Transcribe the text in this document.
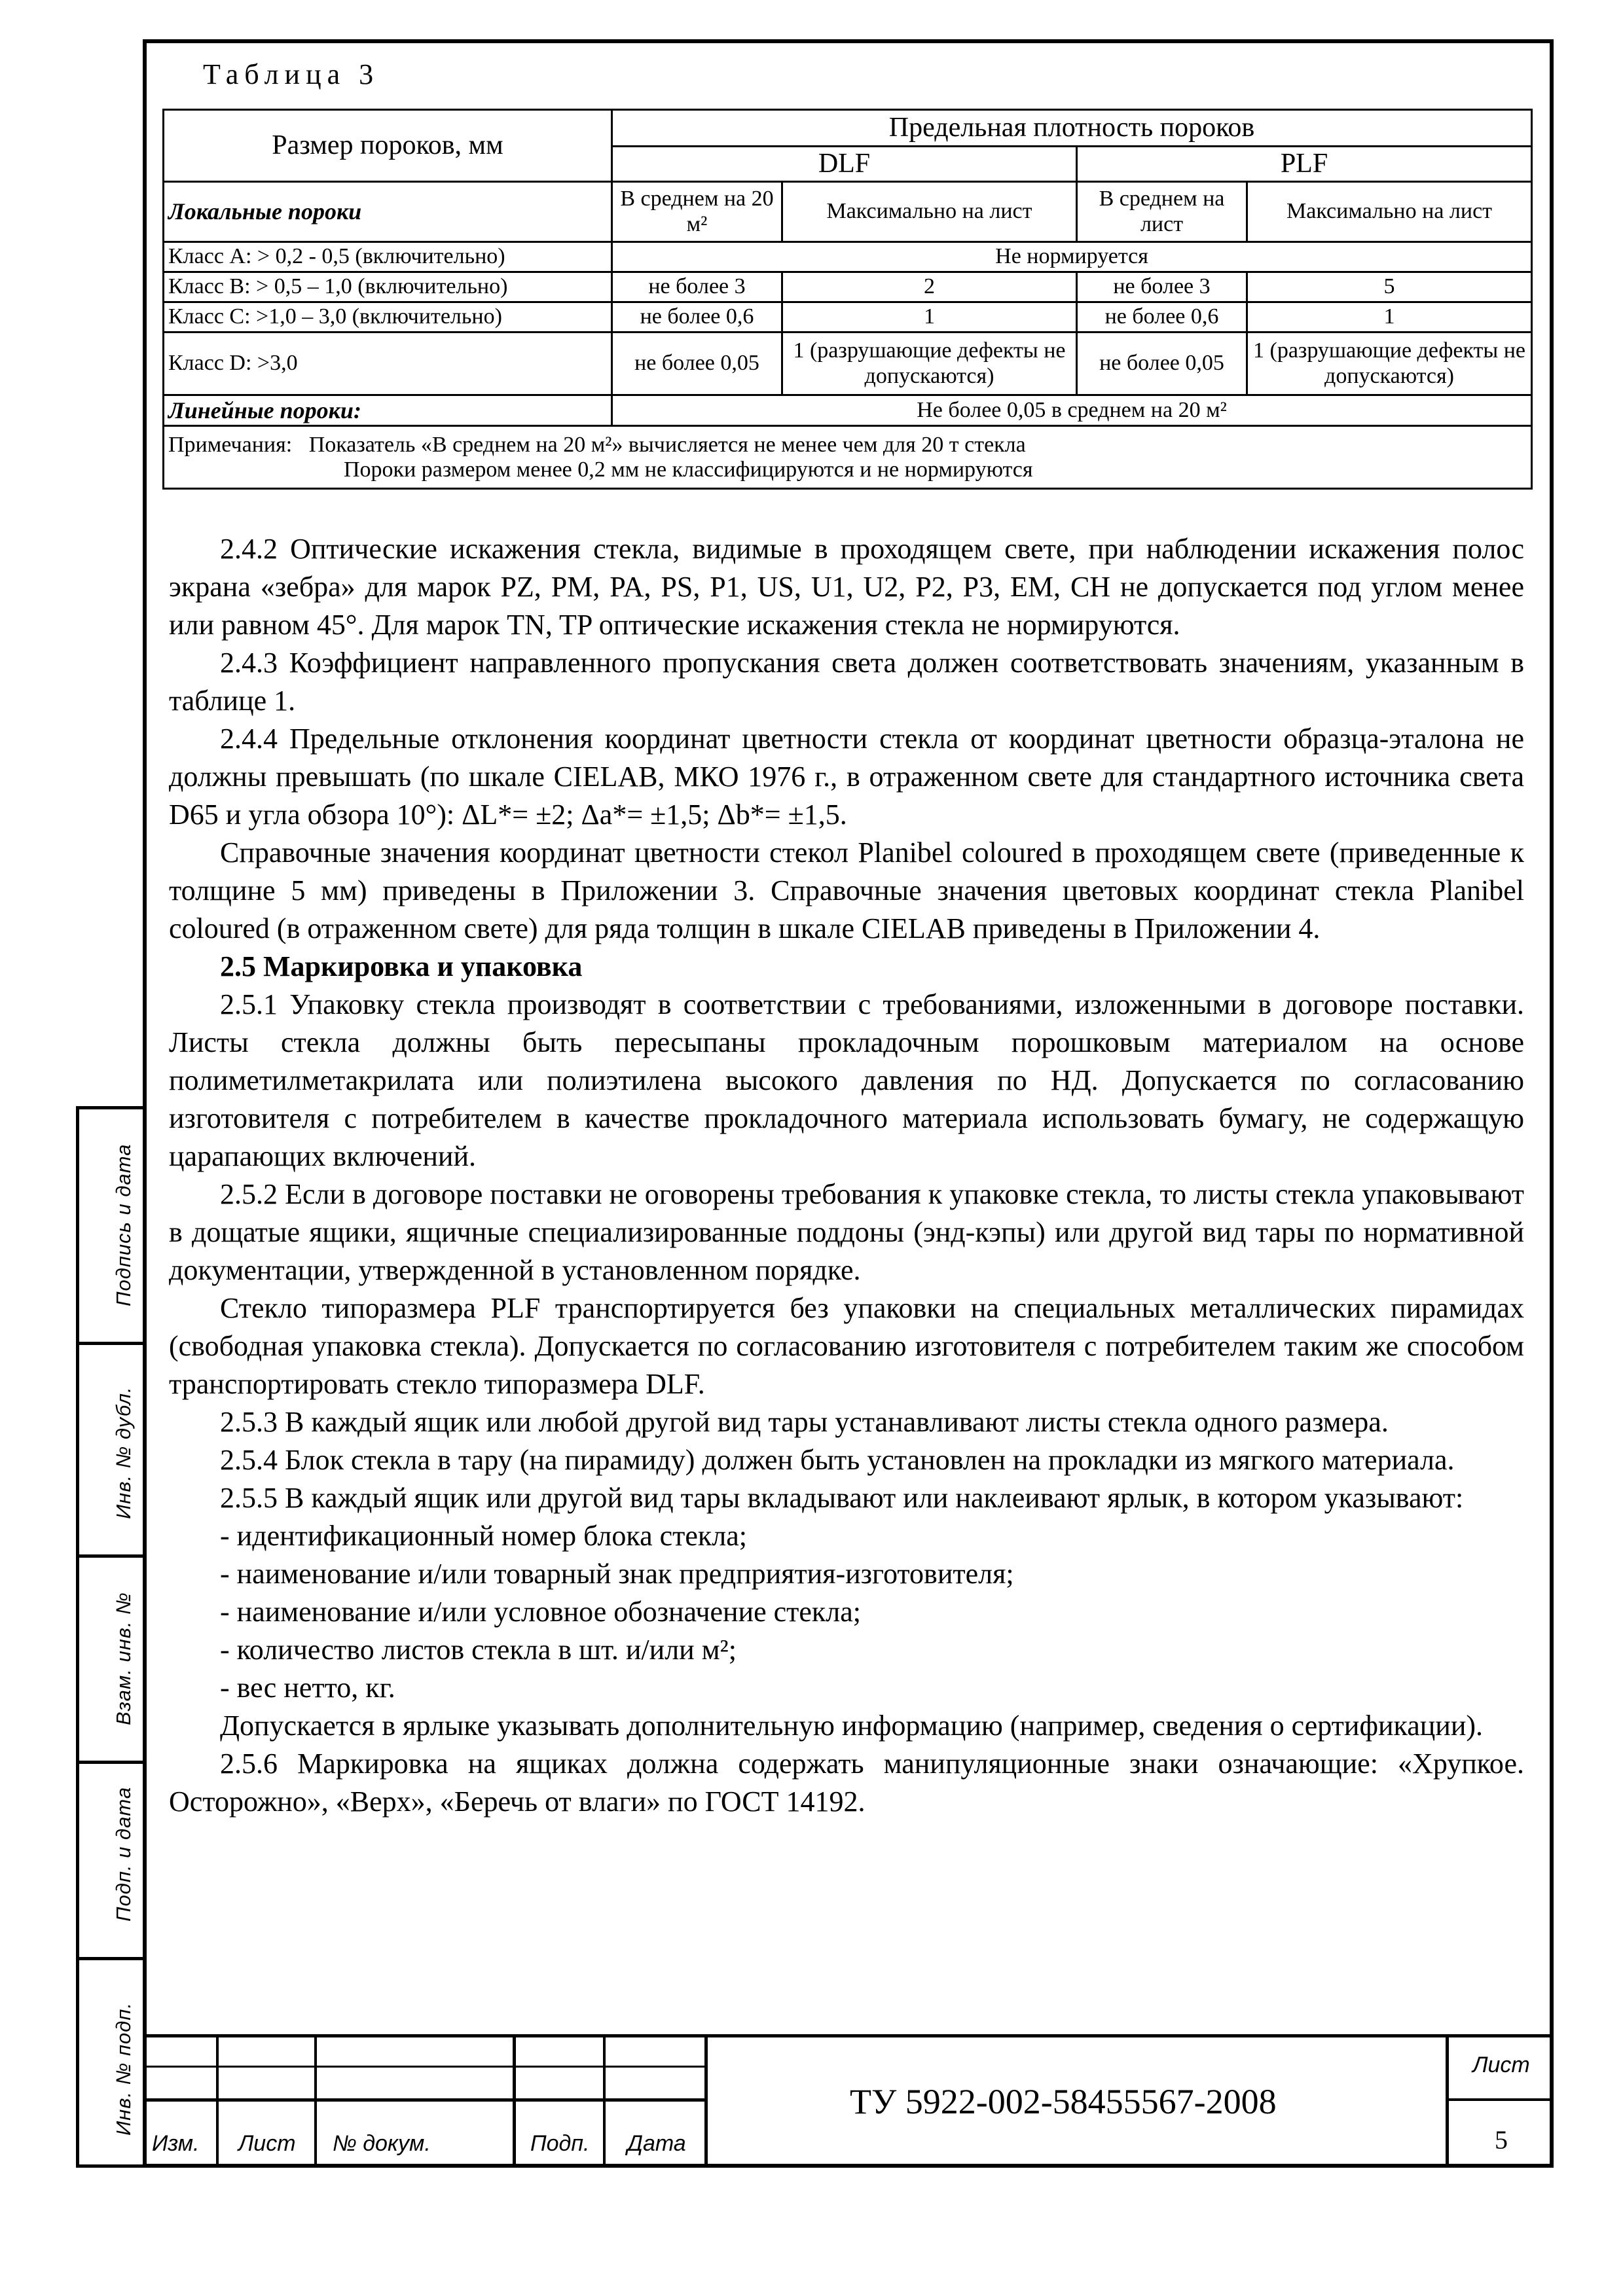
Подпись и дата
Инв. № дубл.
Взам. инв. №
Подп. и дата
Инв. № подп.
Таблица 3
Размер пороков, мм	Предельная плотность пороков			
	DLF		PLF	
Локальные пороки	В среднем на 20 м²	Максимально на лист	В среднем на лист	Максимально на лист
Класс A: > 0,2 - 0,5 (включительно)	Не нормируется			
Класс B: > 0,5 – 1,0 (включительно)	не более 3	2	не более 3	5
Класс C: >1,0 – 3,0 (включительно)	не более 0,6	1	не более 0,6	1
Класс D: >3,0	не более 0,05	1 (разрушающие дефекты не допускаются)	не более 0,05	1 (разрушающие дефекты не допускаются)
Линейные пороки:	Не более 0,05 в среднем на 20 м²			

Примечания: Показатель «В среднем на 20 м²» вычисляется не менее чем для 20 т стекла
Пороки размером менее 0,2 мм не классифицируются и не нормируются				

2.4.2 Оптические искажения стекла, видимые в проходящем свете, при наблюдении искажения полос экрана «зебра» для марок PZ, PM, PA, PS, P1, US, U1, U2, P2, P3, EM, CH не допускается под углом менее или равном 45°. Для марок TN, TP оптические искажения стекла не нормируются.

2.4.3 Коэффициент направленного пропускания света должен соответствовать значениям, указанным в таблице 1.

2.4.4 Предельные отклонения координат цветности стекла от координат цветности образца-эталона не должны превышать (по шкале CIELAB, МКО 1976 г., в отраженном свете для стандартного источника света D65 и угла обзора 10°): ΔL*= ±2; Δa*= ±1,5; Δb*= ±1,5.

Справочные значения координат цветности стекол Planibel coloured в проходящем свете (приведенные к толщине 5 мм) приведены в Приложении 3. Справочные значения цветовых координат стекла Planibel coloured (в отраженном свете) для ряда толщин в шкале CIELAB приведены в Приложении 4.

2.5 Маркировка и упаковка

2.5.1 Упаковку стекла производят в соответствии с требованиями, изложенными в договоре поставки. Листы стекла должны быть пересыпаны прокладочным порошковым материалом на основе полиметилметакрилата или полиэтилена высокого давления по НД. Допускается по согласованию изготовителя с потребителем в качестве прокладочного материала использовать бумагу, не содержащую царапающих включений.

2.5.2 Если в договоре поставки не оговорены требования к упаковке стекла, то листы стекла упаковывают в дощатые ящики, ящичные специализированные поддоны (энд-кэпы) или другой вид тары по нормативной документации, утвержденной в установленном порядке.

Стекло типоразмера PLF транспортируется без упаковки на специальных металлических пирамидах (свободная упаковка стекла). Допускается по согласованию изготовителя с потребителем таким же способом транспортировать стекло типоразмера DLF.

2.5.3 В каждый ящик или любой другой вид тары устанавливают листы стекла одного размера.

2.5.4 Блок стекла в тару (на пирамиду) должен быть установлен на прокладки из мягкого материала.

2.5.5 В каждый ящик или другой вид тары вкладывают или наклеивают ярлык, в котором указывают:

- идентификационный номер блока стекла;

- наименование и/или товарный знак предприятия-изготовителя;

- наименование и/или условное обозначение стекла;

- количество листов стекла в шт. и/или м²;

- вес нетто, кг.

Допускается в ярлыке указывать дополнительную информацию (например, сведения о сертификации).

2.5.6 Маркировка на ящиках должна содержать манипуляционные знаки означающие: «Хрупкое. Осторожно», «Верх», «Беречь от влаги» по ГОСТ 14192.

Изм. Лист № докум.	Подп. Дата
ТУ 5922-002-58455567-2008
Лист
5
